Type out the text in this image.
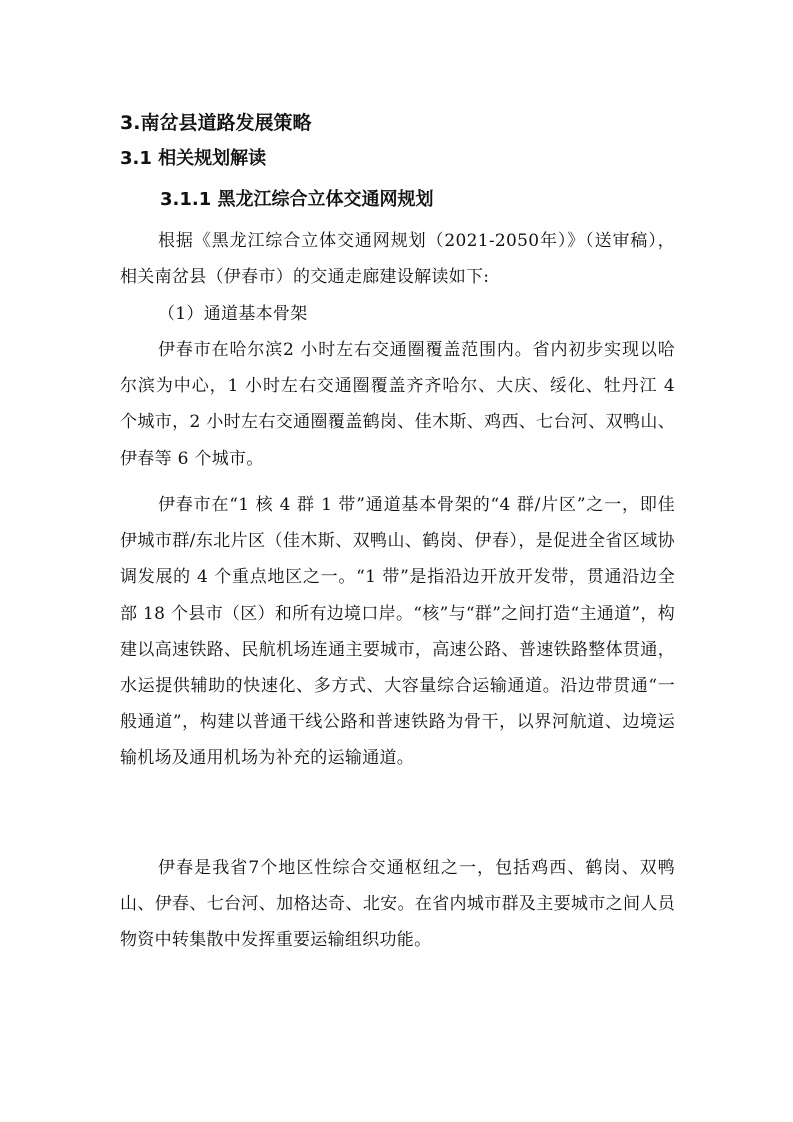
3.南岔县道路发展策略
3.1 相关规划解读
3.1.1 黑龙江综合立体交通网规划

根据《黑龙江综合立体交通网规划（2021-2050年）》（送审稿），相关南岔县（伊春市）的交通走廊建设解读如下:

（1）通道基本骨架

伊春市在哈尔滨2 小时左右交通圈覆盖范围内。省内初步实现以哈尔滨为中心，1 小时左右交通圈覆盖齐齐哈尔、大庆、绥化、牡丹江 4 个城市，2 小时左右交通圈覆盖鹤岗、佳木斯、鸡西、七台河、双鸭山、伊春等 6 个城市。

伊春市在“1 核 4 群 1 带”通道基本骨架的“4 群/片区”之一，即佳伊城市群/东北片区（佳木斯、双鸭山、鹤岗、伊春），是促进全省区域协调发展的 4 个重点地区之一。“1 带”是指沿边开放开发带，贯通沿边全部 18 个县市（区）和所有边境口岸。“核”与“群”之间打造“主通道”，构建以高速铁路、民航机场连通主要城市，高速公路、普速铁路整体贯通，水运提供辅助的快速化、多方式、大容量综合运输通道。沿边带贯通“一般通道”，构建以普通干线公路和普速铁路为骨干，以界河航道、边境运输机场及通用机场为补充的运输通道。

伊春是我省7个地区性综合交通枢纽之一，包括鸡西、鹤岗、双鸭山、伊春、七台河、加格达奇、北安。在省内城市群及主要城市之间人员物资中转集散中发挥重要运输组织功能。
